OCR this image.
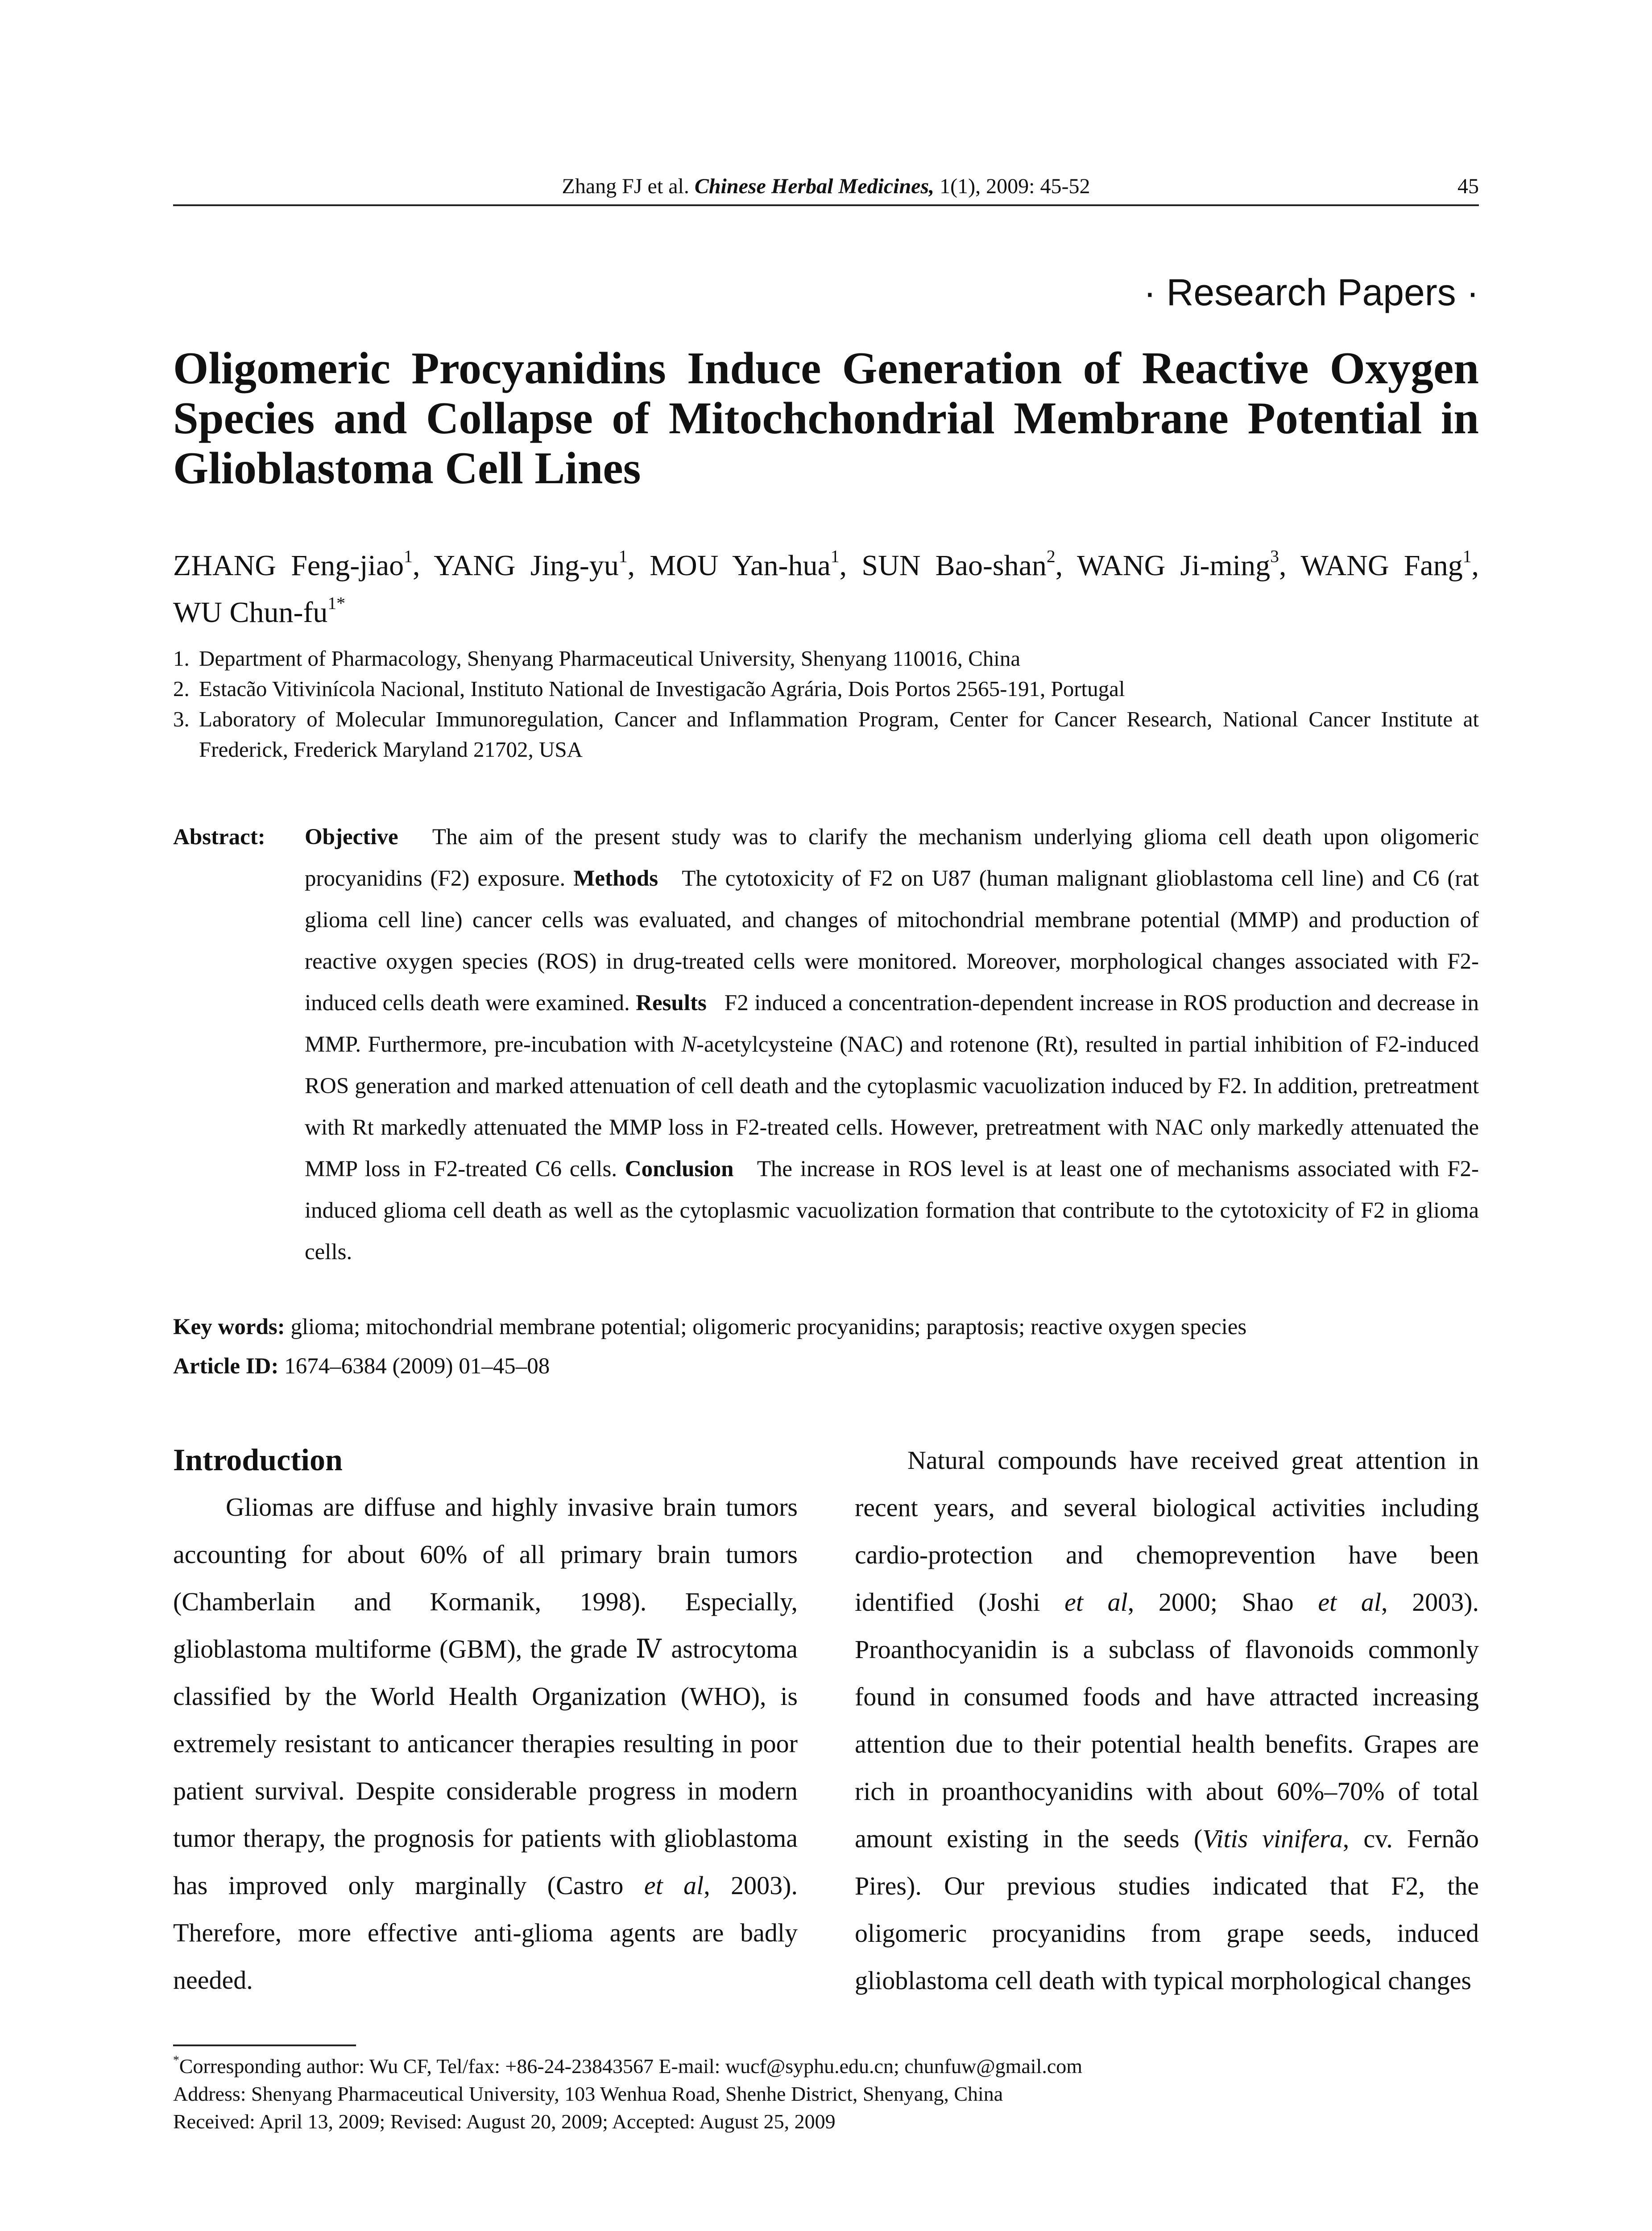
Zhang FJ et al. Chinese Herbal Medicines, 1(1), 2009: 45-52	45
· Research Papers ·
Oligomeric Procyanidins Induce Generation of Reactive Oxygen
Species and Collapse of Mitochchondrial Membrane Potential in
Glioblastoma Cell Lines
ZHANG Feng-jiao$^1$, YANG Jing-$yu^1$, MOU Yan-hua$^1$, SUN Bao-shan$^2$, WANG Ji-ming$^3$, WANG Fang$^1$,
WU Chun-$fu^{1*}$
1. Department of Pharmacology, Shenyang Pharmaceutical University, Shenyang 110016, China
2. Estacão Vitivinícola Nacional, Instituto National de Investigacão Agrária, Dois Portos 2565-191, Portugal
3. Laboratory of Molecular Immunoregulation, Cancer and Inflammation Program, Center for Cancer Research, National Cancer Institute at Frederick, Frederick Maryland 21702, USA
Abstract: Objective The aim of the present study was to clarify the mechanism underlying glioma cell death upon oligomeric procyanidins (F2) exposure. Methods The cytotoxicity of F2 on U87 (human malignant glioblastoma cell line) and C6 (rat glioma cell line) cancer cells was evaluated, and changes of mitochondrial membrane potential (MMP) and production of reactive oxygen species (ROS) in drug-treated cells were monitored. Moreover, morphological changes associated with F2-induced cells death were examined. Results F2 induced a concentration-dependent increase in ROS production and decrease in MMP. Furthermore, pre-incubation with N-acetylcysteine (NAC) and rotenone (Rt), resulted in partial inhibition of F2-induced ROS generation and marked attenuation of cell death and the cytoplasmic vacuolization induced by F2. In addition, pretreatment with Rt markedly attenuated the MMP loss in F2-treated cells. However, pretreatment with NAC only markedly attenuated the MMP loss in F2-treated C6 cells. Conclusion The increase in ROS level is at least one of mechanisms associated with F2-induced glioma cell death as well as the cytoplasmic vacuolization formation that contribute to the cytotoxicity of F2 in glioma cells.
Key words: glioma; mitochondrial membrane potential; oligomeric procyanidins; paraptosis; reactive oxygen species
Article ID: 1674–6384 (2009) 01–45–08
Introduction

Gliomas are diffuse and highly invasive brain tumors accounting for about 60% of all primary brain tumors (Chamberlain and Kormanik, 1998). Especially, glioblastoma multiforme (GBM), the grade Ⅳ astrocytoma classified by the World Health Organization (WHO), is extremely resistant to anticancer therapies resulting in poor patient survival. Despite considerable progress in modern tumor therapy, the prognosis for patients with glioblastoma has improved only marginally (Castro et al, 2003). Therefore, more effective anti-glioma agents are badly needed.

Natural compounds have received great attention in recent years, and several biological activities including cardio-protection and chemoprevention have been identified (Joshi et al, 2000; Shao et al, 2003). Proanthocyanidin is a subclass of flavonoids commonly found in consumed foods and have attracted increasing attention due to their potential health benefits. Grapes are rich in proanthocyanidins with about 60%–70% of total amount existing in the seeds (Vitis vinifera, cv. Fernão Pires). Our previous studies indicated that F2, the oligomeric procyanidins from grape seeds, induced glioblastoma cell death with typical morphological changes

*Corresponding author: Wu CF, Tel/fax: +86-24-23843567 E-mail: wucf@syphu.edu.cn; chunfuw@gmail.com
Address: Shenyang Pharmaceutical University, 103 Wenhua Road, Shenhe District, Shenyang, China
Received: April 13, 2009; Revised: August 20, 2009; Accepted: August 25, 2009
